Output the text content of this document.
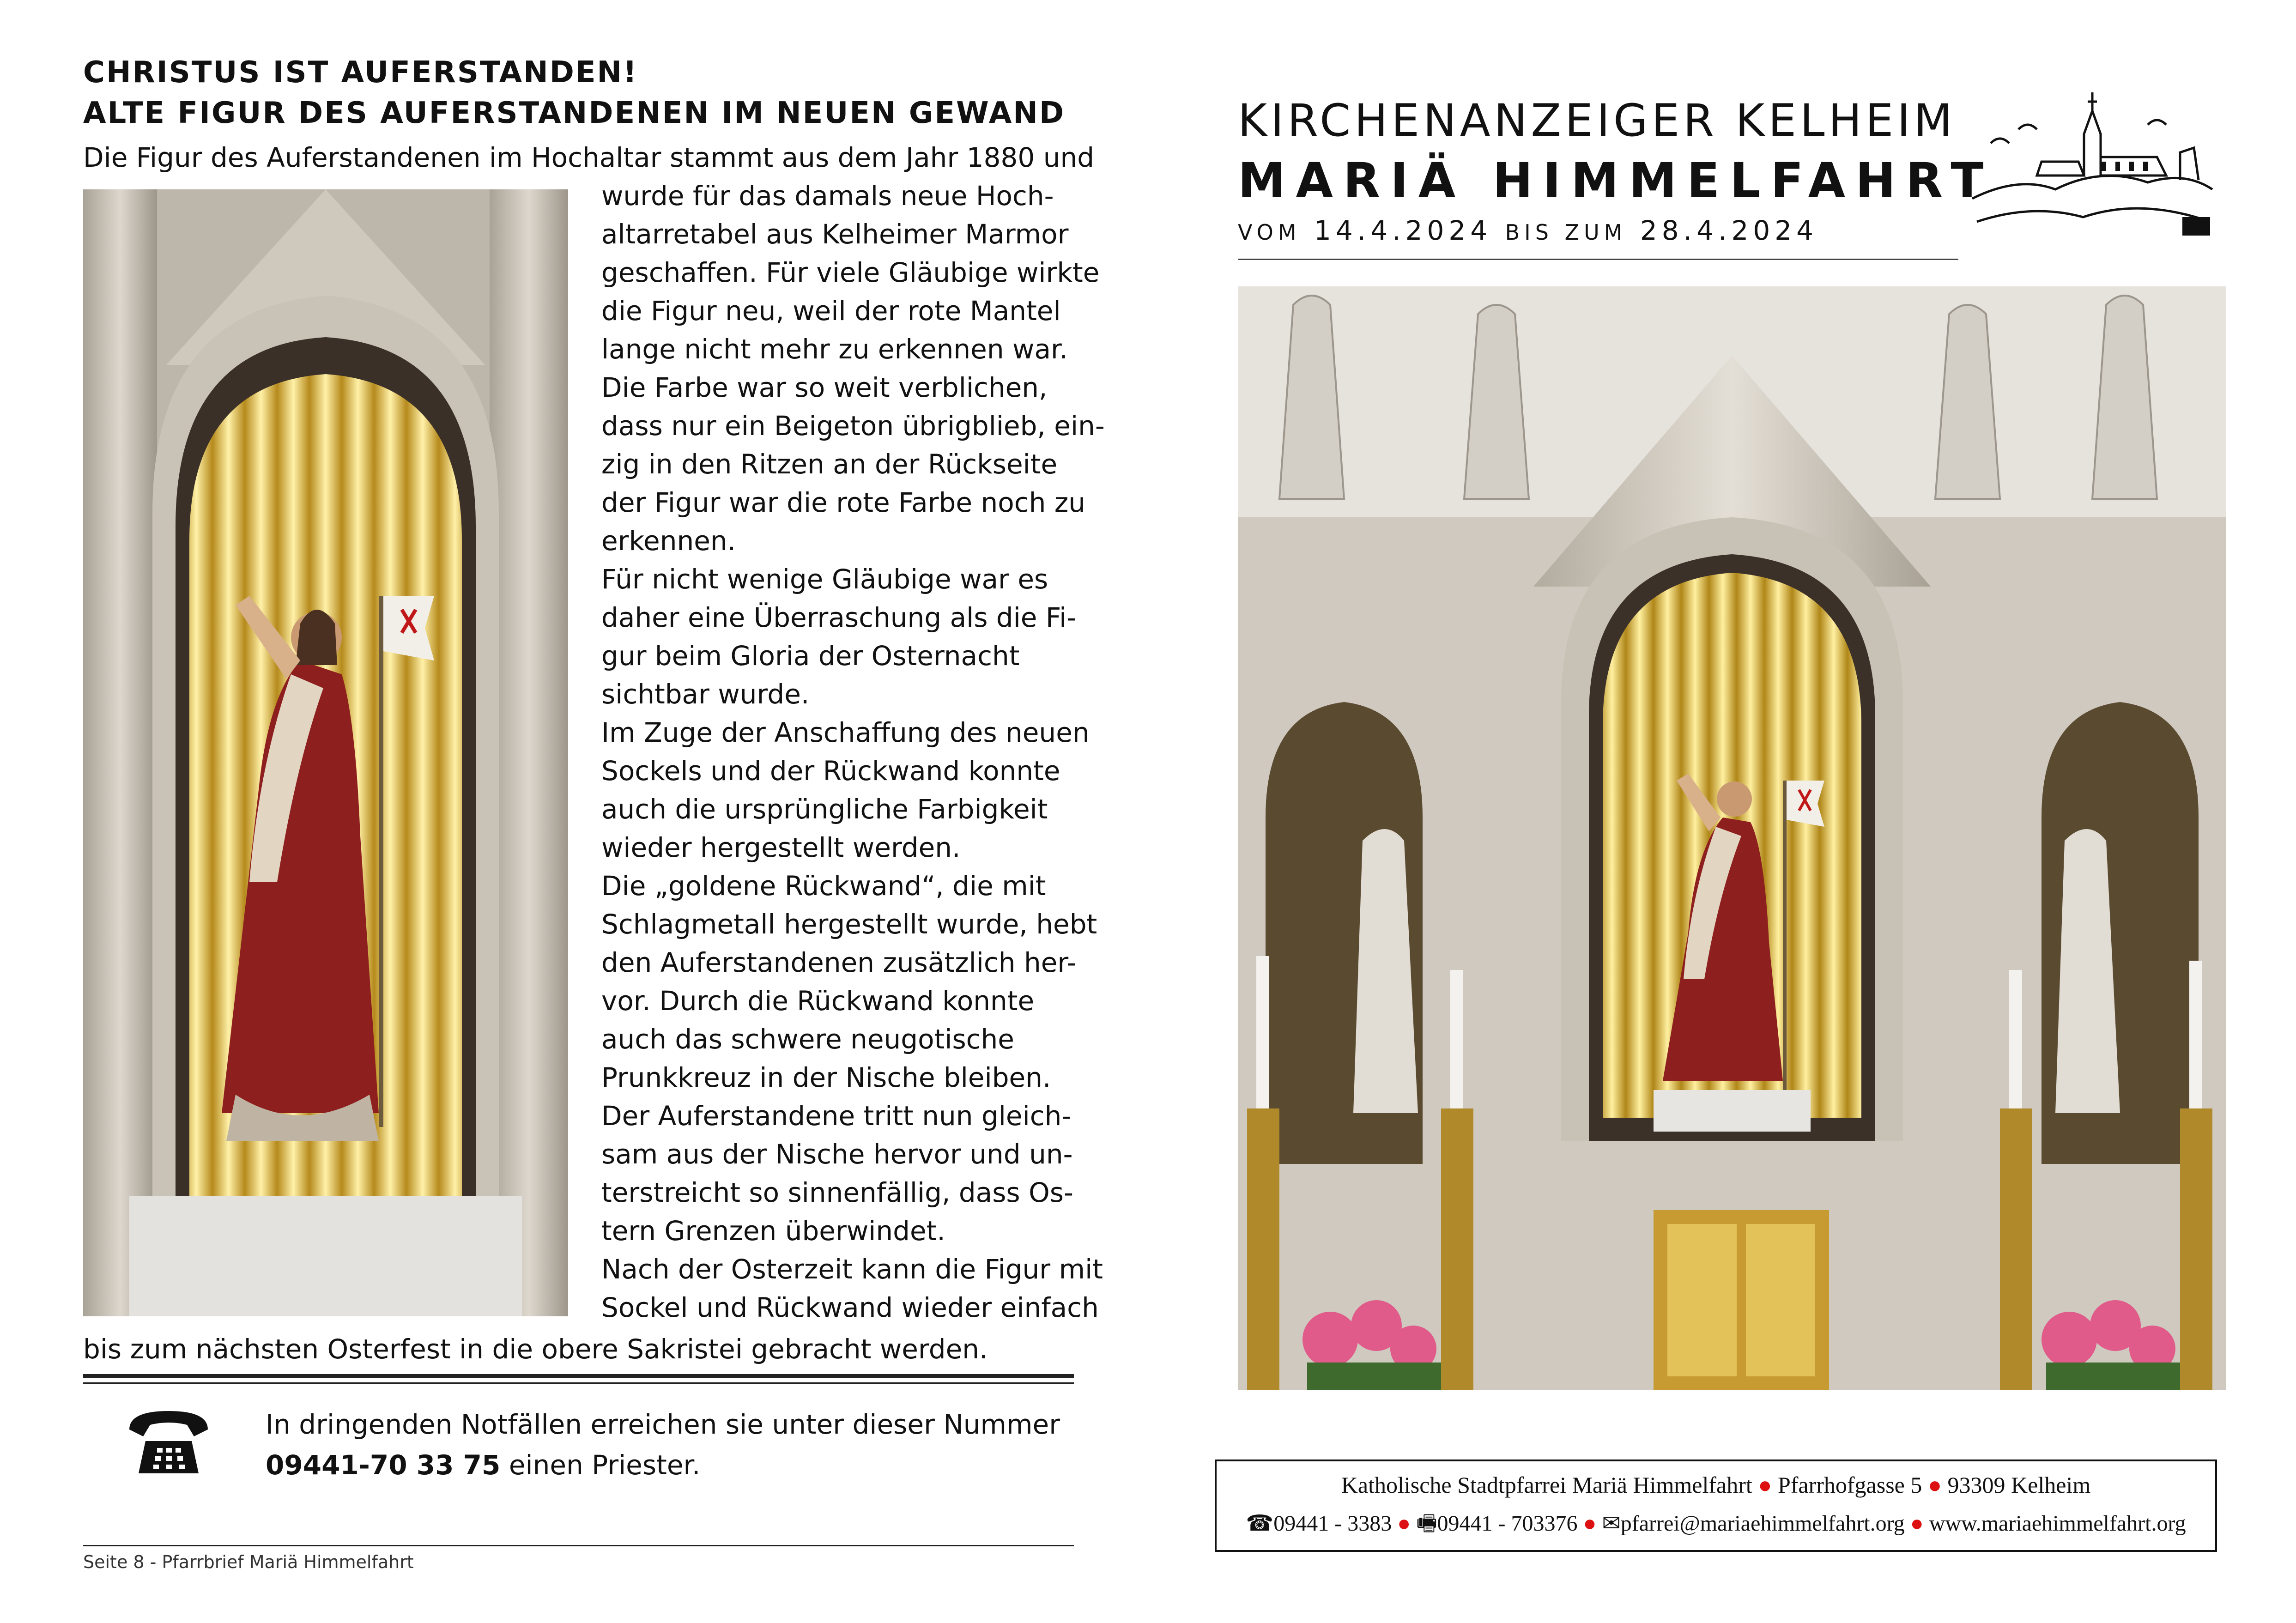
CHRISTUS IST AUFERSTANDEN!
ALTE FIGUR DES AUFERSTANDENEN IM NEUEN GEWAND
Die Figur des Auferstandenen im Hochaltar stammt aus dem Jahr 1880 und
wurde für das damals neue Hoch-
altarretabel aus Kelheimer Marmor
geschaffen. Für viele Gläubige wirkte
die Figur neu, weil der rote Mantel
lange nicht mehr zu erkennen war.
Die Farbe war so weit verblichen,
dass nur ein Beigeton übrigblieb, ein-
zig in den Ritzen an der Rückseite
der Figur war die rote Farbe noch zu
erkennen.
Für nicht wenige Gläubige war es
daher eine Überraschung als die Fi-
gur beim Gloria der Osternacht
sichtbar wurde.
Im Zuge der Anschaffung des neuen
Sockels und der Rückwand konnte
auch die ursprüngliche Farbigkeit
wieder hergestellt werden.
Die „goldene Rückwand“, die mit
Schlagmetall hergestellt wurde, hebt
den Auferstandenen zusätzlich her-
vor. Durch die Rückwand konnte
auch das schwere neugotische
Prunkkreuz in der Nische bleiben.
Der Auferstandene tritt nun gleich-
sam aus der Nische hervor und un-
terstreicht so sinnenfällig, dass Os-
tern Grenzen überwindet.
Nach der Osterzeit kann die Figur mit
Sockel und Rückwand wieder einfach
bis zum nächsten Osterfest in die obere Sakristei gebracht werden.
In dringenden Notfällen erreichen sie unter dieser Nummer
09441-70 33 75 einen Priester.
Seite 8 - Pfarrbrief Mariä Himmelfahrt
KIRCHENANZEIGER KELHEIM
MARIÄ HIMMELFAHRT
VOM 14.4.2024 BIS ZUM 28.4.2024
Katholische Stadtpfarrei Mariä Himmelfahrt ● Pfarrhofgasse 5 ● 93309 Kelheim
☎09441 - 3383 ● 🖷09441 - 703376 ● ✉pfarrei@mariaehimmelfahrt.org ● www.mariaehimmelfahrt.org
